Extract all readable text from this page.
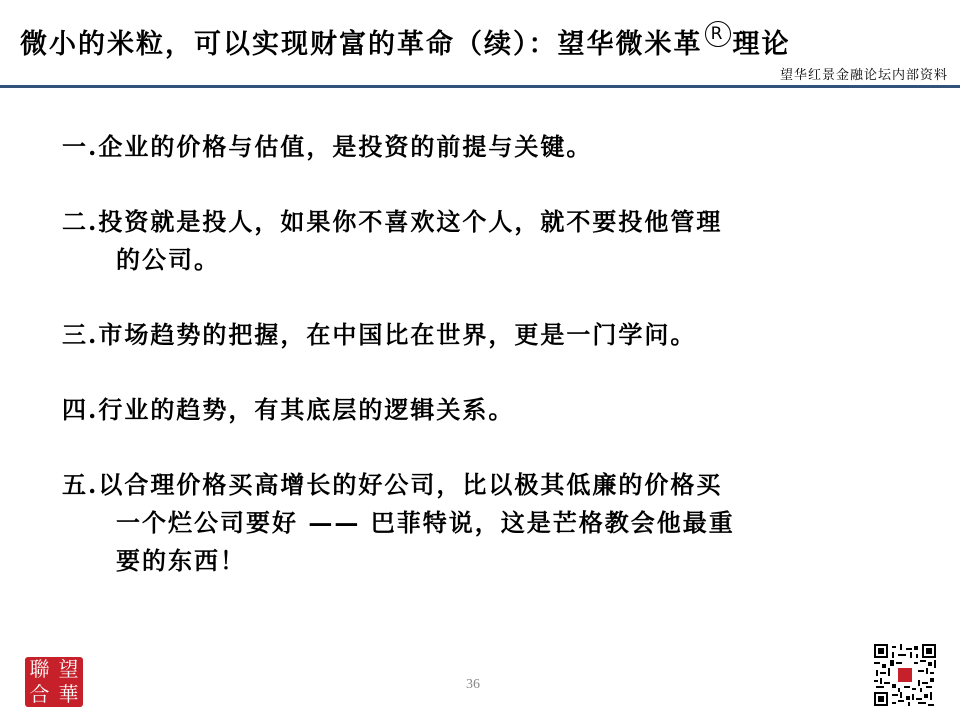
微小的米粒，可以实现财富的革命（续）：望华微米革 R 理论
望华红景金融论坛内部资料
一. 企业的价格与估值，是投资的前提与关键。
二. 投资就是投人，如果你不喜欢这个人，就不要投他管理
的公司。
三. 市场趋势的把握，在中国比在世界，更是一门学问。
四. 行业的趋势，有其底层的逻辑关系。
五. 以合理价格买高增长的好公司，比以极其低廉的价格买
一个烂公司要好 —— 巴菲特说，这是芒格教会他最重
要的东西！
聯 望
合 華	36
